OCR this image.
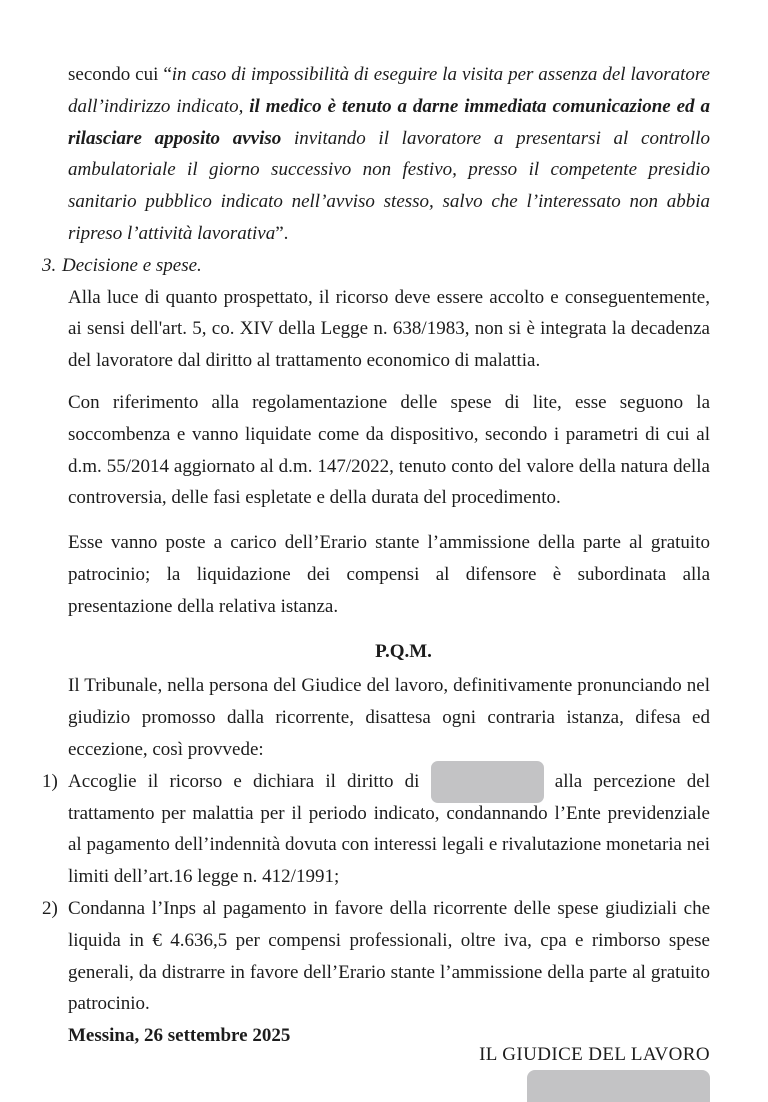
secondo cui “in caso di impossibilità di eseguire la visita per assenza del lavoratore dall’indirizzo indicato, il medico è tenuto a darne immediata comunicazione ed a rilasciare apposito avviso invitando il lavoratore a presentarsi al controllo ambulatoriale il giorno successivo non festivo, presso il competente presidio sanitario pubblico indicato nell’avviso stesso, salvo che l’interessato non abbia ripreso l’attività lavorativa”.

3. Decisione e spese.

Alla luce di quanto prospettato, il ricorso deve essere accolto e conseguentemente, ai sensi dell'art. 5, co. XIV della Legge n. 638/1983, non si è integrata la decadenza del lavoratore dal diritto al trattamento economico di malattia.

Con riferimento alla regolamentazione delle spese di lite, esse seguono la soccombenza e vanno liquidate come da dispositivo, secondo i parametri di cui al d.m. 55/2014 aggiornato al d.m. 147/2022, tenuto conto del valore della natura della controversia, delle fasi espletate e della durata del procedimento.

Esse vanno poste a carico dell’Erario stante l’ammissione della parte al gratuito patrocinio; la liquidazione dei compensi al difensore è subordinata alla presentazione della relativa istanza.

P.Q.M.

Il Tribunale, nella persona del Giudice del lavoro, definitivamente pronunciando nel giudizio promosso dalla ricorrente, disattesa ogni contraria istanza, difesa ed eccezione, così provvede:

1) Accoglie il ricorso e dichiara il diritto di	alla percezione del trattamento per malattia per il periodo indicato, condannando l’Ente previdenziale al pagamento dell’indennità dovuta con interessi legali e rivalutazione monetaria nei limiti dell’art.16 legge n. 412/1991;

2) Condanna l’Inps al pagamento in favore della ricorrente delle spese giudiziali che liquida in € 4.636,5 per compensi professionali, oltre iva, cpa e rimborso spese generali, da distrarre in favore dell’Erario stante l’ammissione della parte al gratuito patrocinio.

Messina, 26 settembre 2025

IL GIUDICE DEL LAVORO
